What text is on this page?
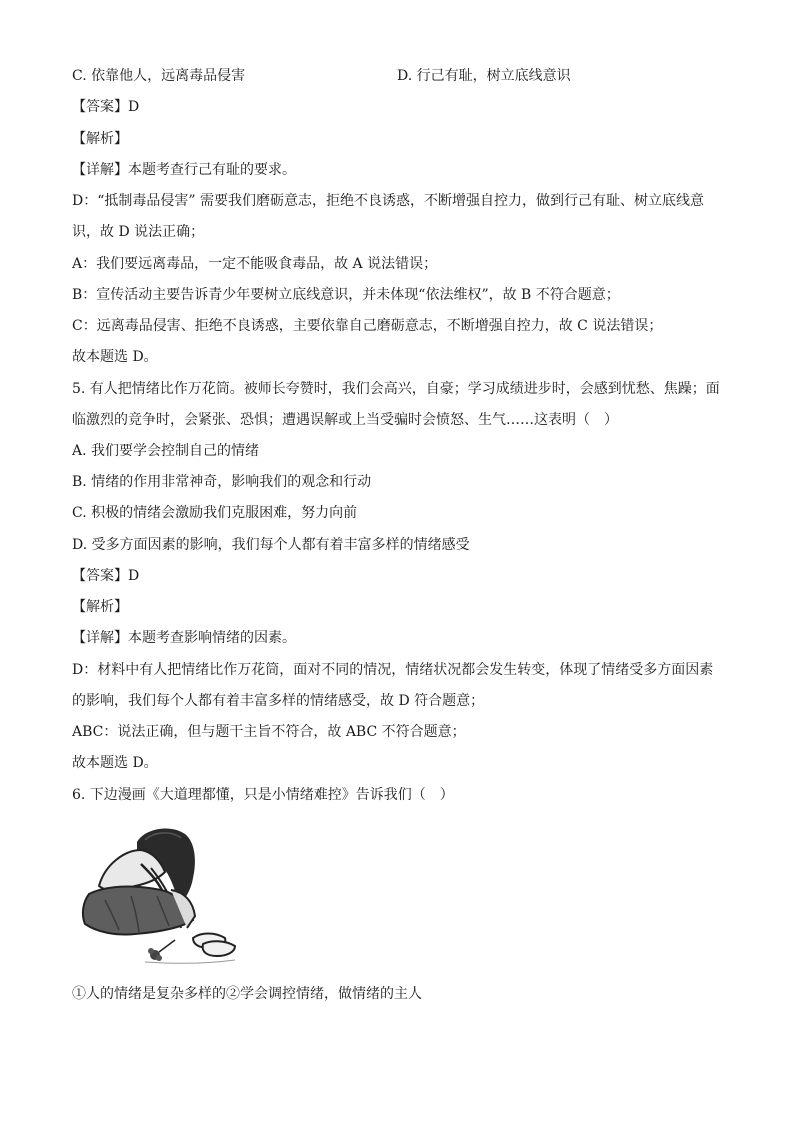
C. 依靠他人，远离毒品侵害	D. 行己有耻，树立底线意识
【答案】D
【解析】
【详解】本题考查行己有耻的要求。
D：“抵制毒品侵害” 需要我们磨砺意志，拒绝不良诱惑，不断增强自控力，做到行己有耻、树立底线意
识，故 D 说法正确；
A：我们要远离毒品，一定不能吸食毒品，故 A 说法错误；
B：宣传活动主要告诉青少年要树立底线意识，并未体现“依法维权”，故 B 不符合题意；
C：远离毒品侵害、拒绝不良诱惑，主要依靠自己磨砺意志，不断增强自控力，故 C 说法错误；
故本题选 D。
5. 有人把情绪比作万花筒。被师长夸赞时，我们会高兴，自豪；学习成绩进步时，会感到忧愁、焦躁；面
临激烈的竞争时，会紧张、恐惧；遭遇误解或上当受骗时会愤怒、生气……这表明（　）
A. 我们要学会控制自己的情绪
B. 情绪的作用非常神奇，影响我们的观念和行动
C. 积极的情绪会激励我们克服困难，努力向前
D. 受多方面因素的影响，我们每个人都有着丰富多样的情绪感受
【答案】D
【解析】
【详解】本题考查影响情绪的因素。
D：材料中有人把情绪比作万花筒，面对不同的情况，情绪状况都会发生转变，体现了情绪受多方面因素
的影响，我们每个人都有着丰富多样的情绪感受，故 D 符合题意；
ABC：说法正确，但与题干主旨不符合，故 ABC 不符合题意；
故本题选 D。
6. 下边漫画《大道理都懂，只是小情绪难控》告诉我们（　）
①人的情绪是复杂多样的②学会调控情绪，做情绪的主人
